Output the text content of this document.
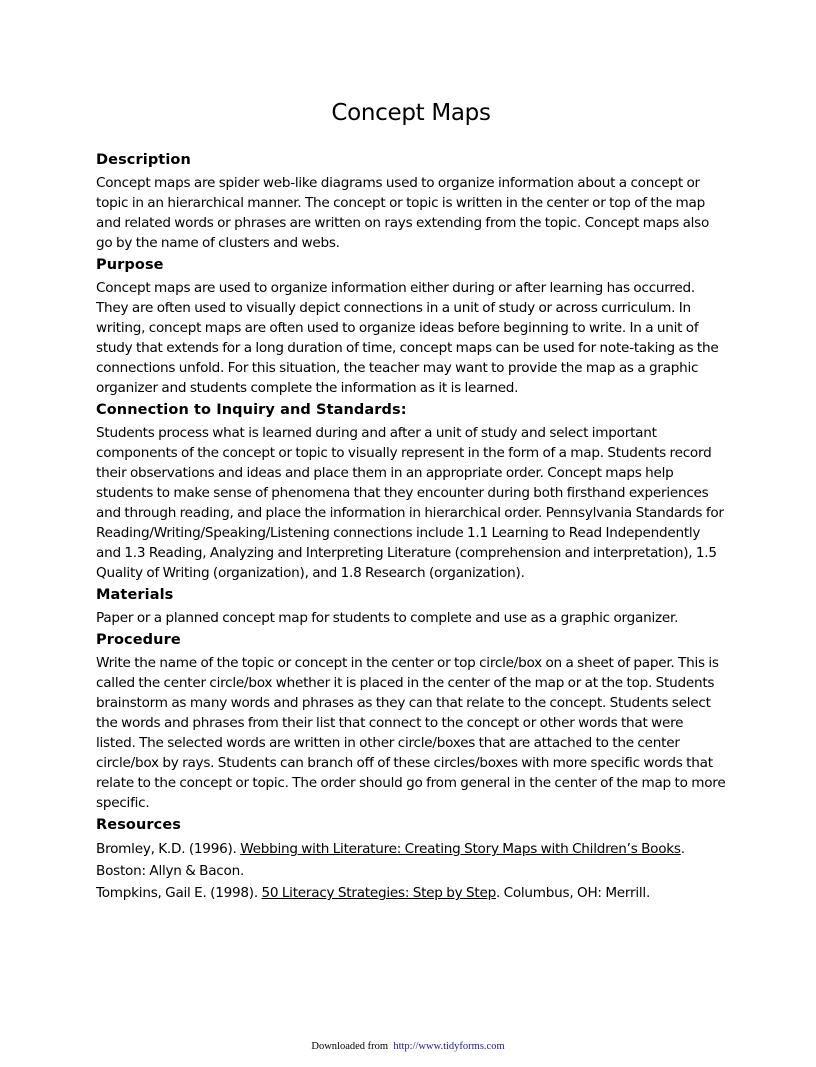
Concept Maps
Description
Concept maps are spider web-like diagrams used to organize information about a concept or topic in an hierarchical manner. The concept or topic is written in the center or top of the map and related words or phrases are written on rays extending from the topic. Concept maps also go by the name of clusters and webs.
Purpose
Concept maps are used to organize information either during or after learning has occurred. They are often used to visually depict connections in a unit of study or across curriculum. In writing, concept maps are often used to organize ideas before beginning to write. In a unit of study that extends for a long duration of time, concept maps can be used for note-taking as the connections unfold. For this situation, the teacher may want to provide the map as a graphic organizer and students complete the information as it is learned.
Connection to Inquiry and Standards:
Students process what is learned during and after a unit of study and select important components of the concept or topic to visually represent in the form of a map. Students record their observations and ideas and place them in an appropriate order. Concept maps help students to make sense of phenomena that they encounter during both firsthand experiences and through reading, and place the information in hierarchical order. Pennsylvania Standards for Reading/Writing/Speaking/Listening connections include 1.1 Learning to Read Independently and 1.3 Reading, Analyzing and Interpreting Literature (comprehension and interpretation), 1.5 Quality of Writing (organization), and 1.8 Research (organization).
Materials
Paper or a planned concept map for students to complete and use as a graphic organizer.
Procedure
Write the name of the topic or concept in the center or top circle/box on a sheet of paper. This is called the center circle/box whether it is placed in the center of the map or at the top. Students brainstorm as many words and phrases as they can that relate to the concept. Students select the words and phrases from their list that connect to the concept or other words that were listed. The selected words are written in other circle/boxes that are attached to the center circle/box by rays. Students can branch off of these circles/boxes with more specific words that relate to the concept or topic. The order should go from general in the center of the map to more specific.
Resources
Bromley, K.D. (1996). Webbing with Literature: Creating Story Maps with Children’s Books. Boston: Allyn & Bacon.
Tompkins, Gail E. (1998). 50 Literacy Strategies: Step by Step. Columbus, OH: Merrill.
Downloaded from http://www.tidyforms.com
